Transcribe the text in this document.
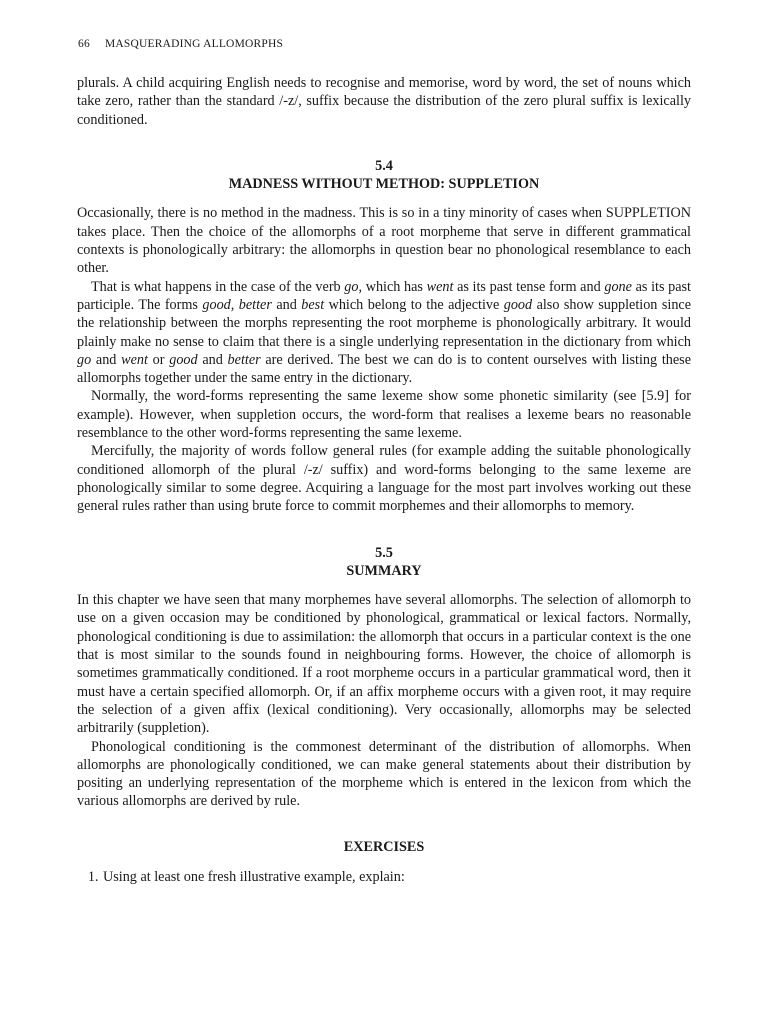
66 MASQUERADING ALLOMORPHS

plurals. A child acquiring English needs to recognise and memorise, word by word, the set of nouns which take zero, rather than the standard /-z/, suffix because the distribution of the zero plural suffix is lexically conditioned.

5.4
MADNESS WITHOUT METHOD: SUPPLETION

Occasionally, there is no method in the madness. This is so in a tiny minority of cases when SUPPLETION takes place. Then the choice of the allomorphs of a root morpheme that serve in different grammatical contexts is phonologically arbitrary: the allomorphs in question bear no phonological resemblance to each other.

That is what happens in the case of the verb go, which has went as its past tense form and gone as its past participle. The forms good, better and best which belong to the adjective good also show suppletion since the relationship between the morphs representing the root morpheme is phonologically arbitrary. It would plainly make no sense to claim that there is a single underlying representation in the dictionary from which go and went or good and better are derived. The best we can do is to content ourselves with listing these allomorphs together under the same entry in the dictionary.

Normally, the word-forms representing the same lexeme show some phonetic similarity (see [5.9] for example). However, when suppletion occurs, the word-form that realises a lexeme bears no reasonable resemblance to the other word-forms representing the same lexeme.

Mercifully, the majority of words follow general rules (for example adding the suitable phonologically conditioned allomorph of the plural /-z/ suffix) and word-forms belonging to the same lexeme are phonologically similar to some degree. Acquiring a language for the most part involves working out these general rules rather than using brute force to commit morphemes and their allomorphs to memory.

5.5
SUMMARY

In this chapter we have seen that many morphemes have several allomorphs. The selection of allomorph to use on a given occasion may be conditioned by phonological, grammatical or lexical factors. Normally, phonological conditioning is due to assimilation: the allomorph that occurs in a particular context is the one that is most similar to the sounds found in neighbouring forms. However, the choice of allomorph is sometimes grammatically conditioned. If a root morpheme occurs in a particular grammatical word, then it must have a certain specified allomorph. Or, if an affix morpheme occurs with a given root, it may require the selection of a given affix (lexical conditioning). Very occasionally, allomorphs may be selected arbitrarily (suppletion).

Phonological conditioning is the commonest determinant of the distribution of allomorphs. When allomorphs are phonologically conditioned, we can make general statements about their distribution by positing an underlying representation of the morpheme which is entered in the lexicon from which the various allomorphs are derived by rule.

EXERCISES
1. Using at least one fresh illustrative example, explain:
